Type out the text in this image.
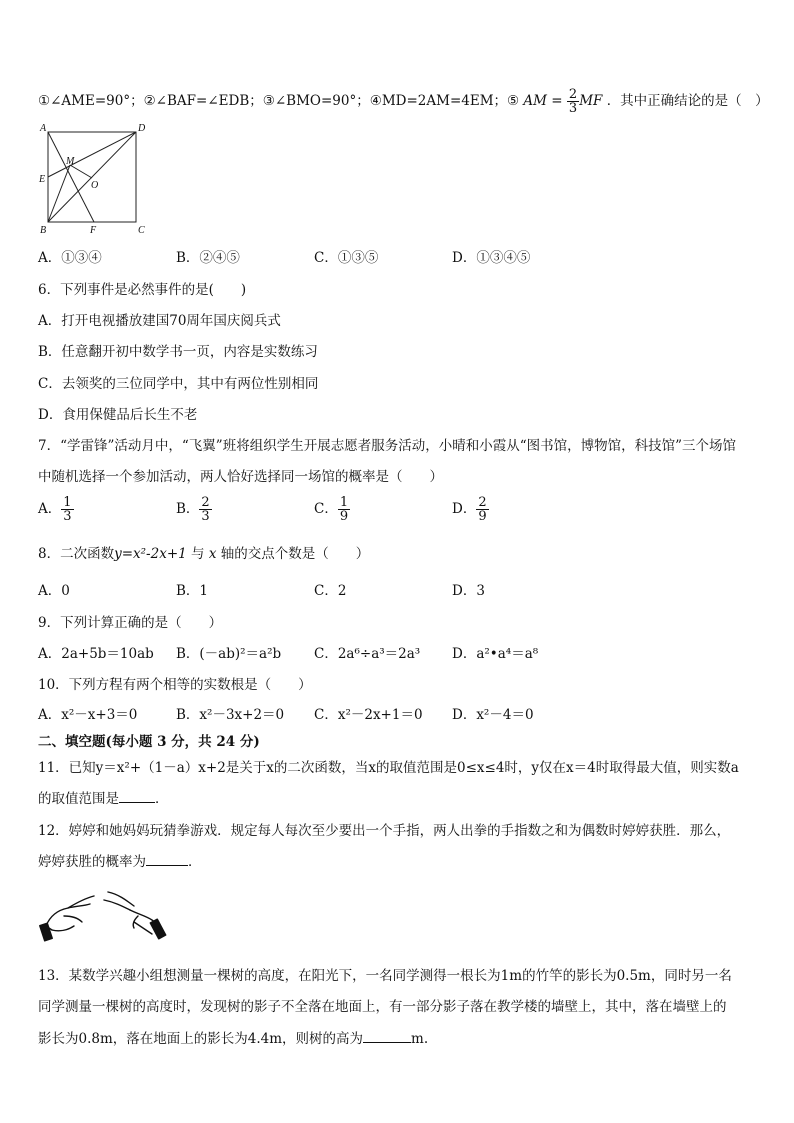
①∠AME=90°；②∠BAF=∠EDB；③∠BMO=90°；④MD=2AM=4EM；⑤ AM = $\frac{2}{3}$ MF ．其中正确结论的是（　）
A	D
M
E
O
B	F	C
A．①③④	B．②④⑤	C．①③⑤	D．①③④⑤
6．下列事件是必然事件的是(　　)
A．打开电视播放建国70周年国庆阅兵式
B．任意翻开初中数学书一页，内容是实数练习
C．去领奖的三位同学中，其中有两位性别相同
D．食用保健品后长生不老
7．“学雷锋”活动月中，“飞翼”班将组织学生开展志愿者服务活动，小晴和小霞从“图书馆，博物馆，科技馆”三个场馆
中随机选择一个参加活动，两人恰好选择同一场馆的概率是（　　）
A． $\frac{1}{3}$	B． $\frac{2}{3}$	C． $\frac{1}{9}$	D． $\frac{2}{9}$
8．二次函数y=x²-2x+1 与 x 轴的交点个数是（　　）
A．0	B．1	C．2	D．3
9．下列计算正确的是（　　）
A．2a+5b＝10ab B．(－ab)²＝a²b C．2a⁶÷a³＝2a³ D．a²•a⁴＝a⁸
10．下列方程有两个相等的实数根是（　　）
A．x²－x+3＝0	B．x²－3x+2＝0 C．x²－2x+1＝0 D．x²－4＝0
二、填空题(每小题 3 分，共 24 分)
11．已知y＝x²+（1－a）x+2是关于x的二次函数，当x的取值范围是0≤x≤4时，y仅在x＝4时取得最大值，则实数a
的取值范围是	．
12．婷婷和她妈妈玩猜拳游戏．规定每人每次至少要出一个手指，两人出拳的手指数之和为偶数时婷婷获胜．那么，
婷婷获胜的概率为	．
13．某数学兴趣小组想测量一棵树的高度，在阳光下，一名同学测得一根长为1m的竹竿的影长为0.5m，同时另一名
同学测量一棵树的高度时，发现树的影子不全落在地面上，有一部分影子落在教学楼的墙壁上，其中，落在墙壁上的
影长为0.8m，落在地面上的影长为4.4m，则树的高为	m.
